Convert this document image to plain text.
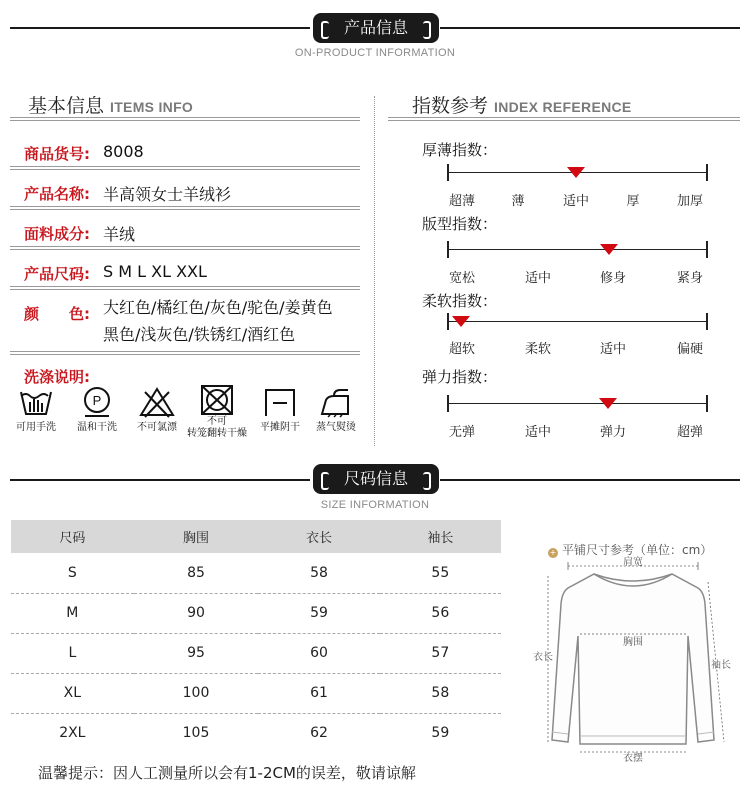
产品信息
ON-PRODUCT INFORMATION
基本信息 ITEMS INFO
商品货号: 8008
产品名称: 半高领女士羊绒衫
面料成分: 羊绒
产品尺码: S M L XL XXL
颜　　色: 大红色/橘红色/灰色/驼色/姜黄色
黑色/浅灰色/铁锈红/酒红色
洗涤说明:
可用手洗
P
温和干洗	不可氯漂
不可
转笼翻转干燥
平摊阴干	蒸气熨烫
指数参考 INDEX REFERENCE
厚薄指数：
超薄	薄	适中	厚	加厚
版型指数：
宽松	适中	修身	紧身
柔软指数：
超软	柔软	适中	偏硬
弹力指数：
无弹	适中	弹力	超弹
尺码信息
SIZE INFORMATION
尺码	胸围	衣长	袖长
S	85	58	55
M	90	59	56
L	95	60	57
XL	100	61	58
2XL	105	62	59
+ 平铺尺寸参考（单位：cm）
肩宽
胸围
衣长
袖长
衣摆
温馨提示：因人工测量所以会有1-2CM的误差，敬请谅解
